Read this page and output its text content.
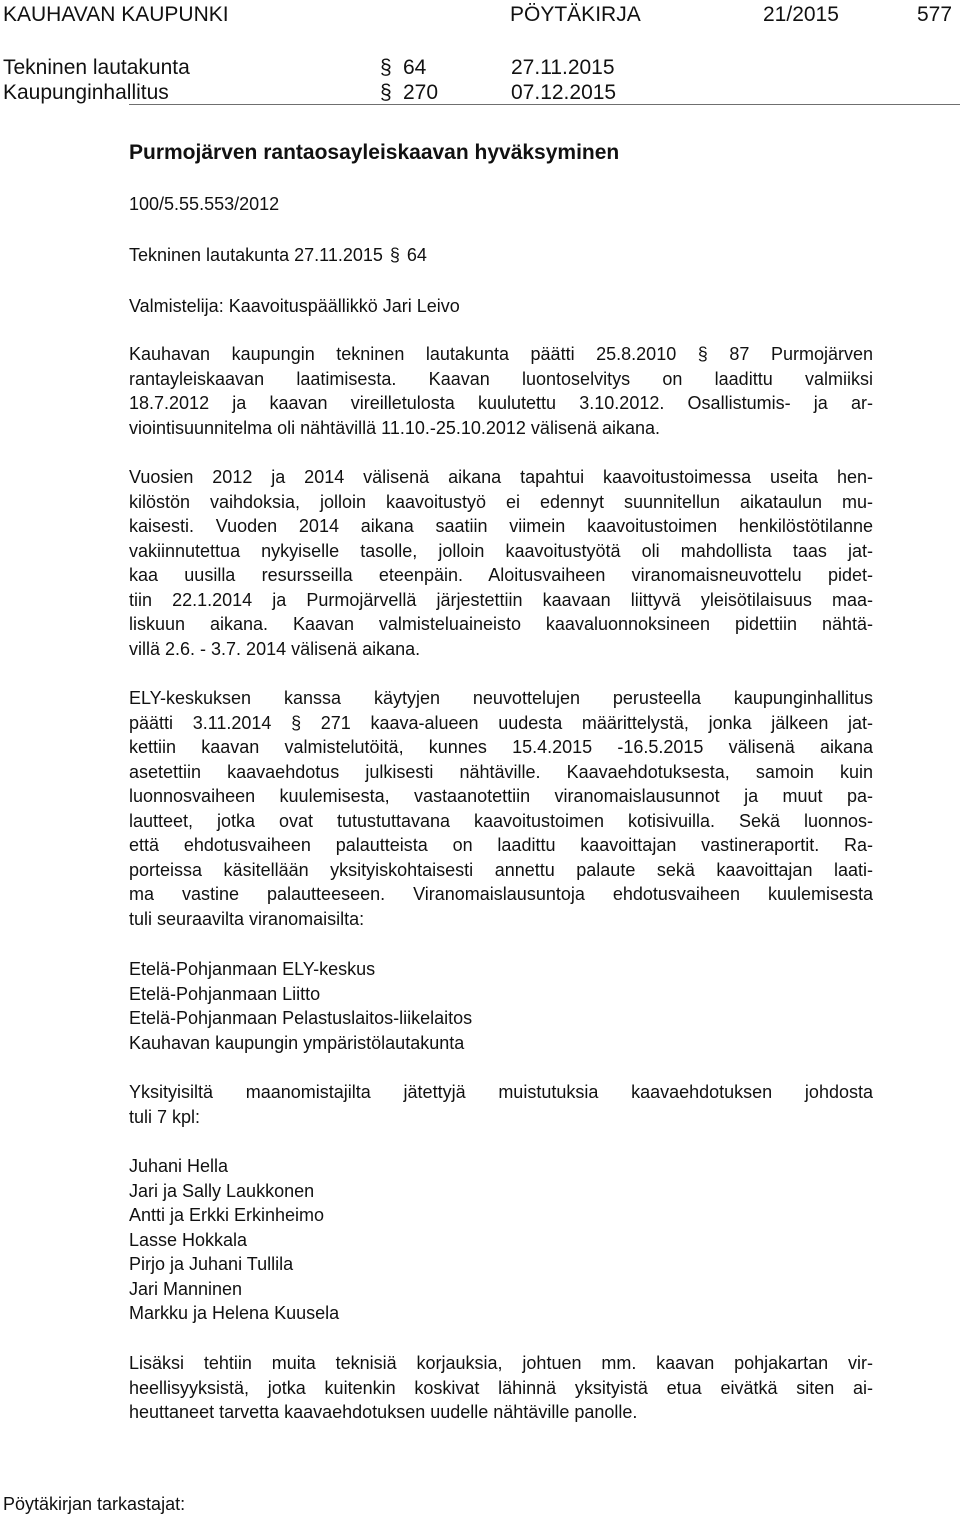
KAUHAVAN KAUPUNKI	PÖYTÄKIRJA	21/2015	577
Tekninen lautakunta	§ 64	27.11.2015
Kaupunginhallitus	§ 270	07.12.2015
Purmojärven rantaosayleiskaavan hyväksyminen
100/5.55.553/2012
Tekninen lautakunta 27.11.2015 § 64
Valmistelija: Kaavoituspäällikkö Jari Leivo
Kauhavan kaupungin tekninen lautakunta päätti 25.8.2010 § 87 Purmojärven
rantayleiskaavan laatimisesta. Kaavan luontoselvitys on laadittu valmiiksi
18.7.2012 ja kaavan vireilletulosta kuulutettu 3.10.2012. Osallistumis- ja ar-
viointisuunnitelma oli nähtävillä 11.10.-25.10.2012 välisenä aikana.
Vuosien 2012 ja 2014 välisenä aikana tapahtui kaavoitustoimessa useita hen-
kilöstön vaihdoksia, jolloin kaavoitustyö ei edennyt suunnitellun aikataulun mu-
kaisesti. Vuoden 2014 aikana saatiin viimein kaavoitustoimen henkilöstötilanne
vakiinnutettua nykyiselle tasolle, jolloin kaavoitustyötä oli mahdollista taas jat-
kaa uusilla resursseilla eteenpäin. Aloitusvaiheen viranomaisneuvottelu pidet-
tiin 22.1.2014 ja Purmojärvellä järjestettiin kaavaan liittyvä yleisötilaisuus maa-
liskuun aikana. Kaavan valmisteluaineisto kaavaluonnoksineen pidettiin nähtä-
villä 2.6. - 3.7. 2014 välisenä aikana.
ELY-keskuksen kanssa käytyjen neuvottelujen perusteella kaupunginhallitus
päätti 3.11.2014 § 271 kaava-alueen uudesta määrittelystä, jonka jälkeen jat-
kettiin kaavan valmistelutöitä, kunnes 15.4.2015 -16.5.2015 välisenä aikana
asetettiin kaavaehdotus julkisesti nähtäville. Kaavaehdotuksesta, samoin kuin
luonnosvaiheen kuulemisesta, vastaanotettiin viranomaislausunnot ja muut pa-
lautteet, jotka ovat tutustuttavana kaavoitustoimen kotisivuilla. Sekä luonnos-
että ehdotusvaiheen palautteista on laadittu kaavoittajan vastineraportit. Ra-
porteissa käsitellään yksityiskohtaisesti annettu palaute sekä kaavoittajan laati-
ma vastine palautteeseen. Viranomaislausuntoja ehdotusvaiheen kuulemisesta
tuli seuraavilta viranomaisilta:
Etelä-Pohjanmaan ELY-keskus
Etelä-Pohjanmaan Liitto
Etelä-Pohjanmaan Pelastuslaitos-liikelaitos
Kauhavan kaupungin ympäristölautakunta
Yksityisiltä maanomistajilta jätettyjä muistutuksia kaavaehdotuksen johdosta
tuli 7 kpl:
Juhani Hella
Jari ja Sally Laukkonen
Antti ja Erkki Erkinheimo
Lasse Hokkala
Pirjo ja Juhani Tullila
Jari Manninen
Markku ja Helena Kuusela
Lisäksi tehtiin muita teknisiä korjauksia, johtuen mm. kaavan pohjakartan vir-
heellisyyksistä, jotka kuitenkin koskivat lähinnä yksityistä etua eivätkä siten ai-
heuttaneet tarvetta kaavaehdotuksen uudelle nähtäville panolle.
Pöytäkirjan tarkastajat:
